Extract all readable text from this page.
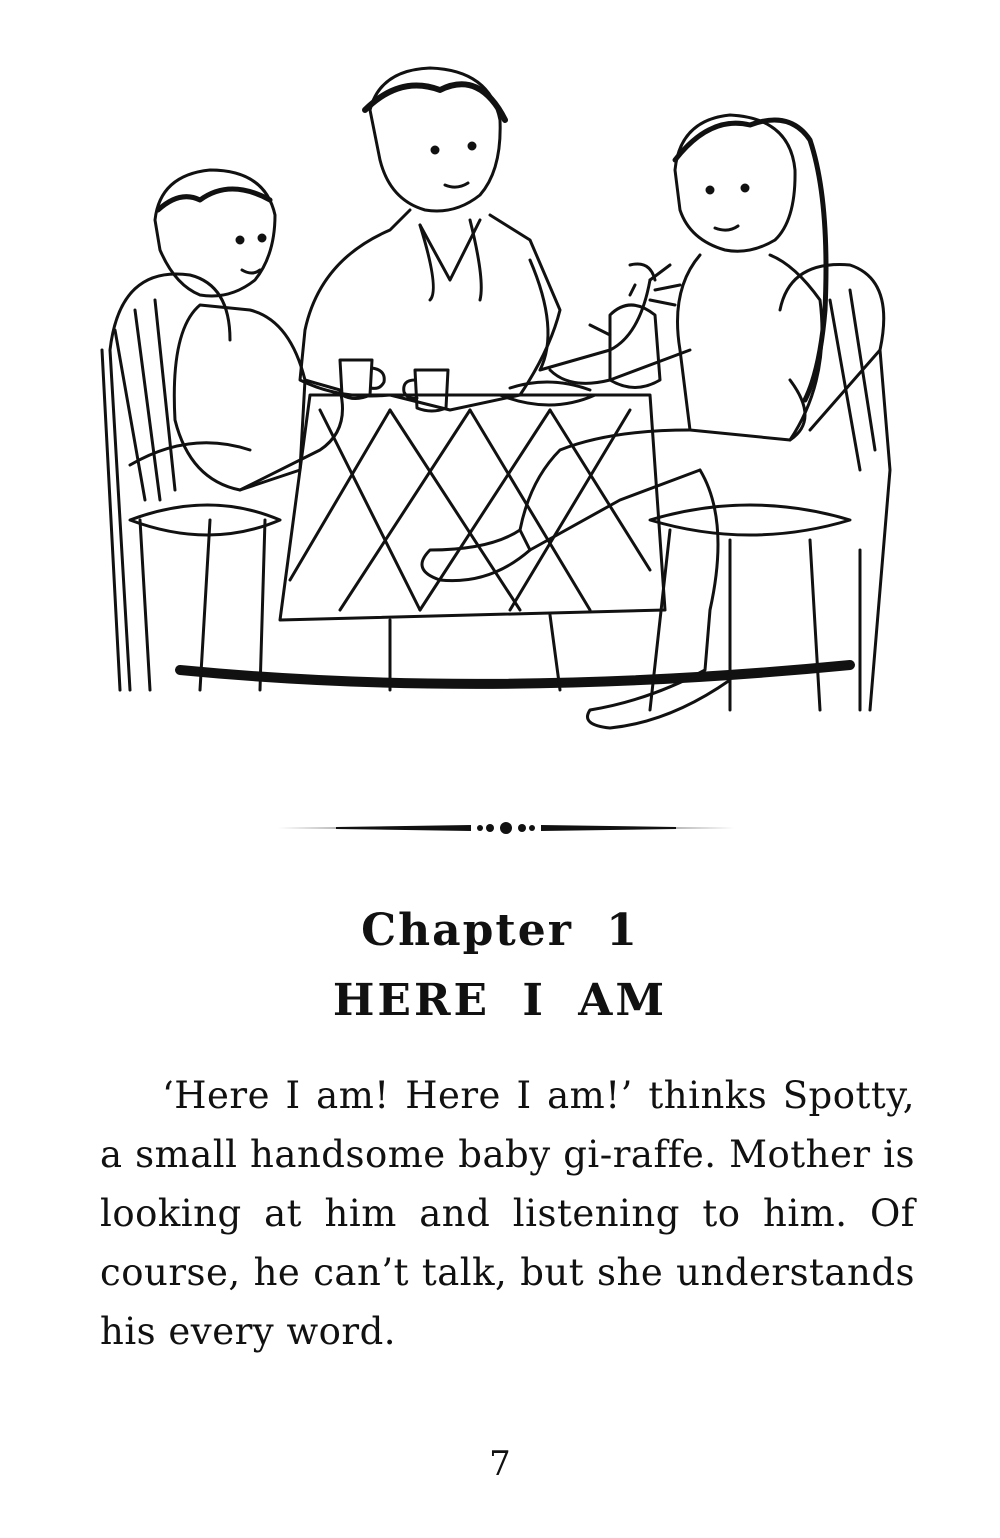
Chapter 1
HERE I AM

‘Here I am! Here I am!’ thinks Spotty, a small handsome baby gi-raffe. Mother is looking at him and listening to him. Of course, he can’t talk, but she understands his every word.

7
